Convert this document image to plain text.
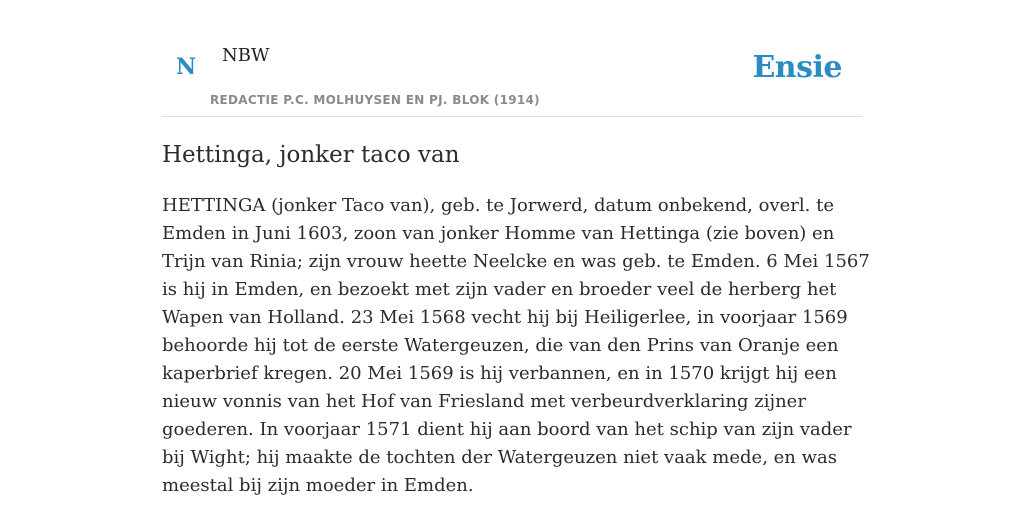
N NBW
REDACTIE P.C. MOLHUYSEN EN PJ. BLOK (1914)
Ensie
Hettinga, jonker taco van

HETTINGA (jonker Taco van), geb. te Jorwerd, datum onbekend, overl. te Emden in Juni 1603, zoon van jonker Homme van Hettinga (zie boven) en Trijn van Rinia; zijn vrouw heette Neelcke en was geb. te Emden. 6 Mei 1567 is hij in Emden, en bezoekt met zijn vader en broeder veel de herberg het Wapen van Holland. 23 Mei 1568 vecht hij bij Heiligerlee, in voorjaar 1569 behoorde hij tot de eerste Watergeuzen, die van den Prins van Oranje een kaperbrief kregen. 20 Mei 1569 is hij verbannen, en in 1570 krijgt hij een nieuw vonnis van het Hof van Friesland met verbeurdverklaring zijner goederen. In voorjaar 1571 dient hij aan boord van het schip van zijn vader bij Wight; hij maakte de tochten der Watergeuzen niet vaak mede, en was meestal bij zijn moeder in Emden.
